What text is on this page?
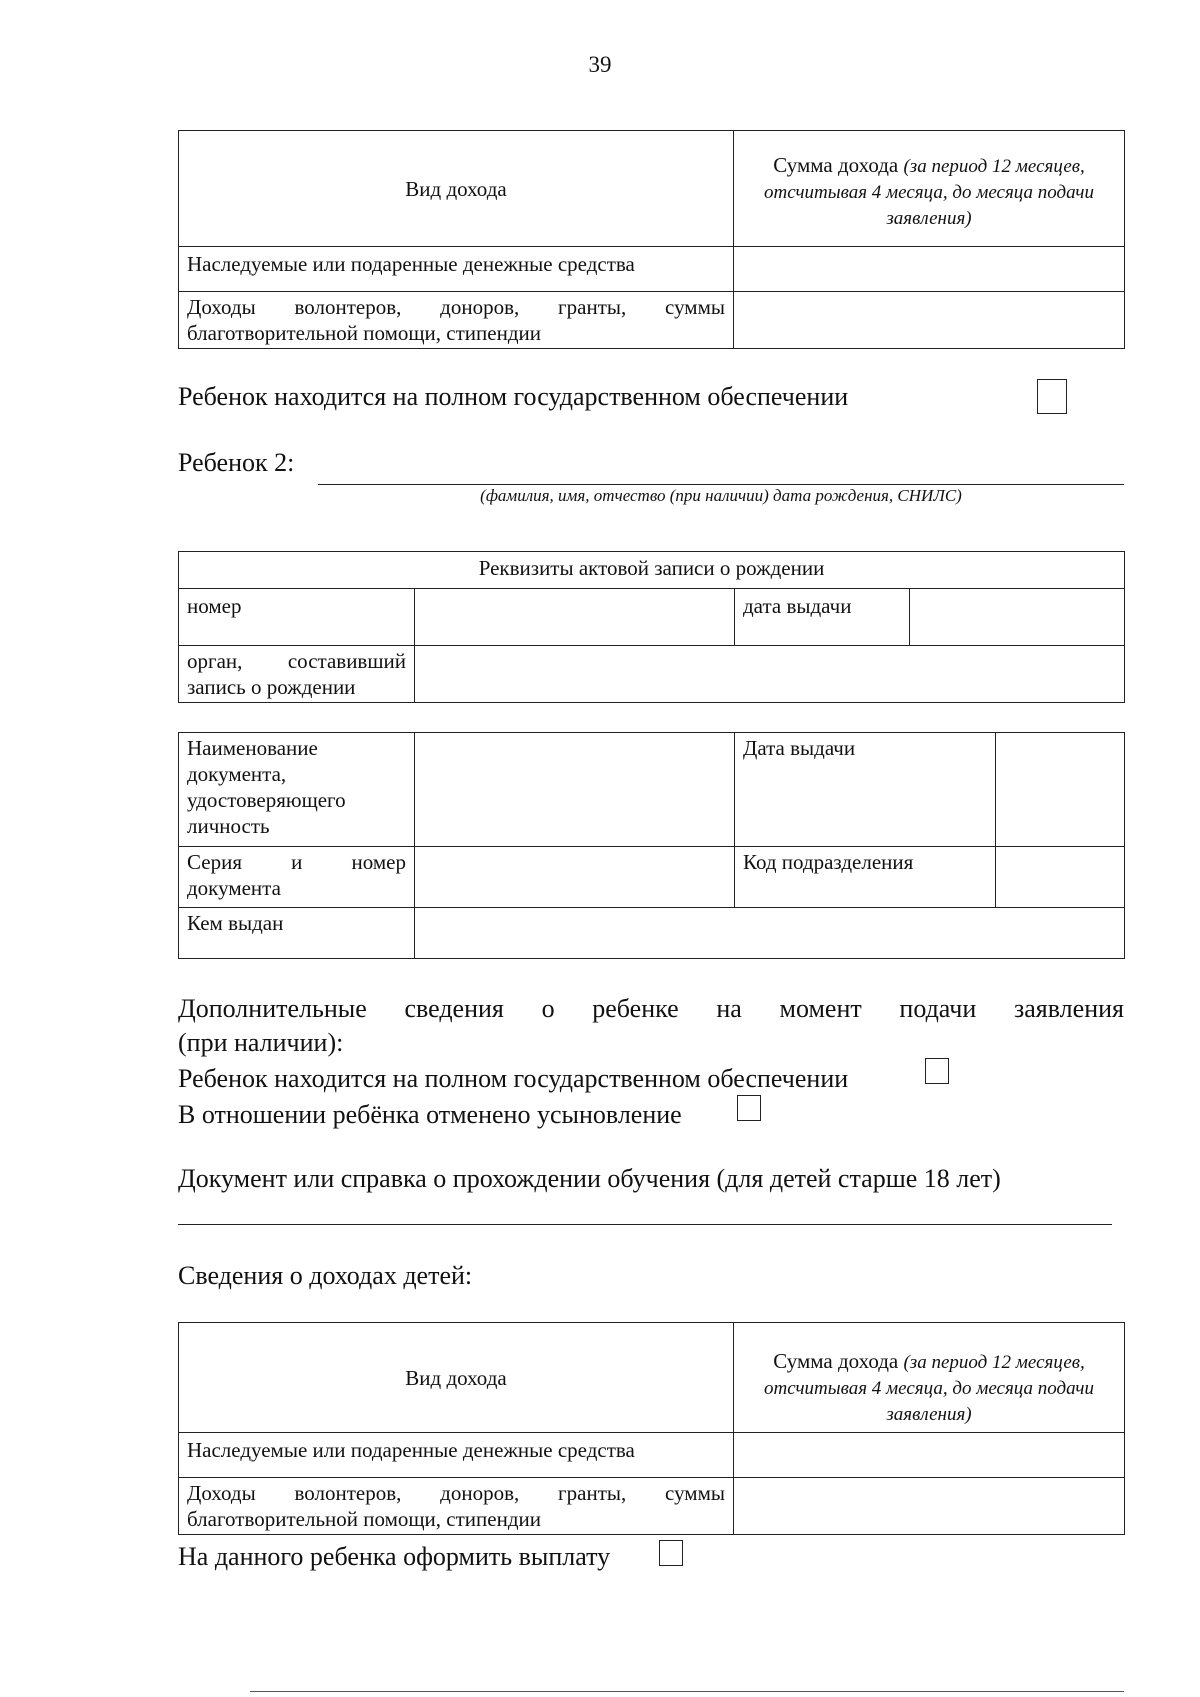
39
Вид дохода	Сумма дохода (за период 12 месяцев, отсчитывая 4 месяца, до месяца подачи заявления)
Наследуемые или подаренные денежные средства	

Доходы волонтеров, доноров, гранты, суммы
благотворительной помощи, стипендии	

Ребенок находится на полном государственном обеспечении
Ребенок 2:
(фамилия, имя, отчество (при наличии) дата рождения, СНИЛС)
Реквизиты актовой записи о рождении			
номер		дата выдачи	

орган, составивший
запись о рождении			

Наименование документа, удостоверяющего личность		Дата выдачи	

Серия и номер
документа		Код подразделения	
Кем выдан			
Дополнительные сведения о ребенке на момент подачи заявления
(при наличии):
Ребенок находится на полном государственном обеспечении
В отношении ребёнка отменено усыновление
Документ или справка о прохождении обучения (для детей старше 18 лет)
Сведения о доходах детей:
Вид дохода	Сумма дохода (за период 12 месяцев, отсчитывая 4 месяца, до месяца подачи заявления)
Наследуемые или подаренные денежные средства	

Доходы волонтеров, доноров, гранты, суммы
благотворительной помощи, стипендии	

На данного ребенка оформить выплату
